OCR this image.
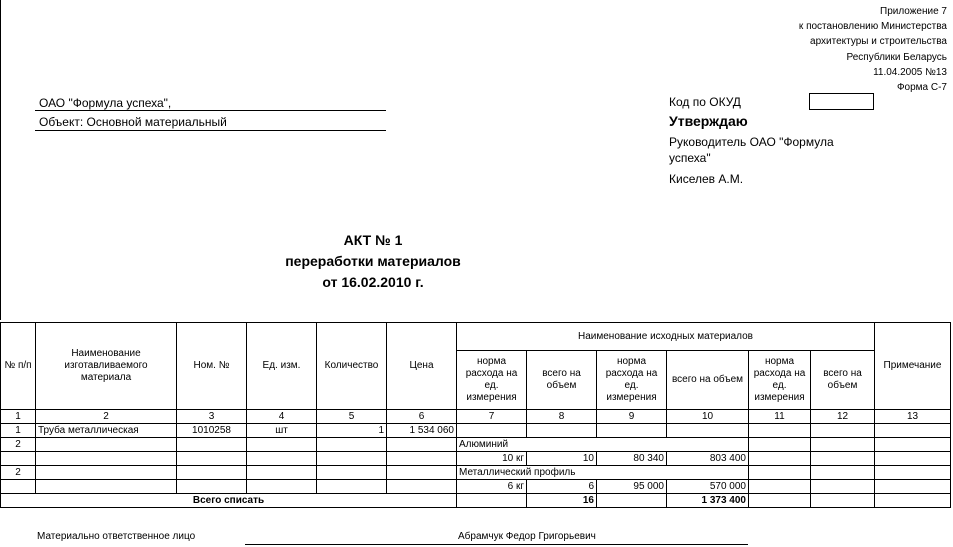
Приложение 7
к постановлению Министерства
архитектуры и строительства
Республики Беларусь
11.04.2005 №13
Форма С-7
ОАО "Формула успеха",
Объект: Основной материальный
Код по ОКУД
Утверждаю
Руководитель ОАО "Формула успеха"
Киселев А.М.
АКТ № 1
переработки материалов
от 16.02.2010 г.
№ п/п	Наименование изготавливаемого материала	Ном. №	Ед. изм.	Количество	Цена	Наименование исходных материалов						Примечание
						норма расхода на ед. измерения	всего на объем	норма расхода на ед. измерения	всего на объем	норма расхода на ед. измерения	всего на объем	
1	2	3	4	5	6	7	8	9	10	11	12	13
1	Труба металлическая	1010258	шт	1	1 534 060							
2						Алюминий						
						10 кг	10	80 340	803 400			
2						Металлический профиль						
						6 кг	6	95 000	570 000			
Всего списать							16		1 373 400			
Материально ответственное лицо	Абрамчук Федор Григорьевич
